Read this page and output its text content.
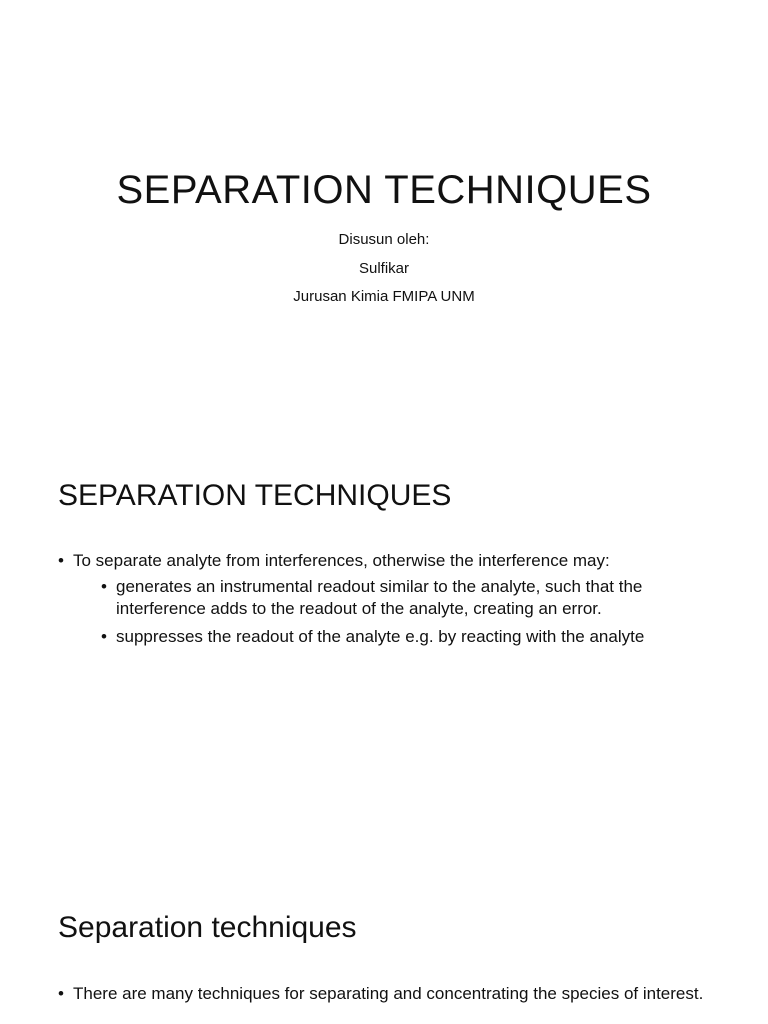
SEPARATION TECHNIQUES

Disusun oleh:

Sulfikar

Jurusan Kimia FMIPA UNM

SEPARATION TECHNIQUES
• To separate analyte from interferences, otherwise the interference may:
• generates an instrumental readout similar to the analyte, such that the interference adds to the readout of the analyte, creating an error.
• suppresses the readout of the analyte e.g. by reacting with the analyte
Separation techniques
• There are many techniques for separating and concentrating the species of interest.
